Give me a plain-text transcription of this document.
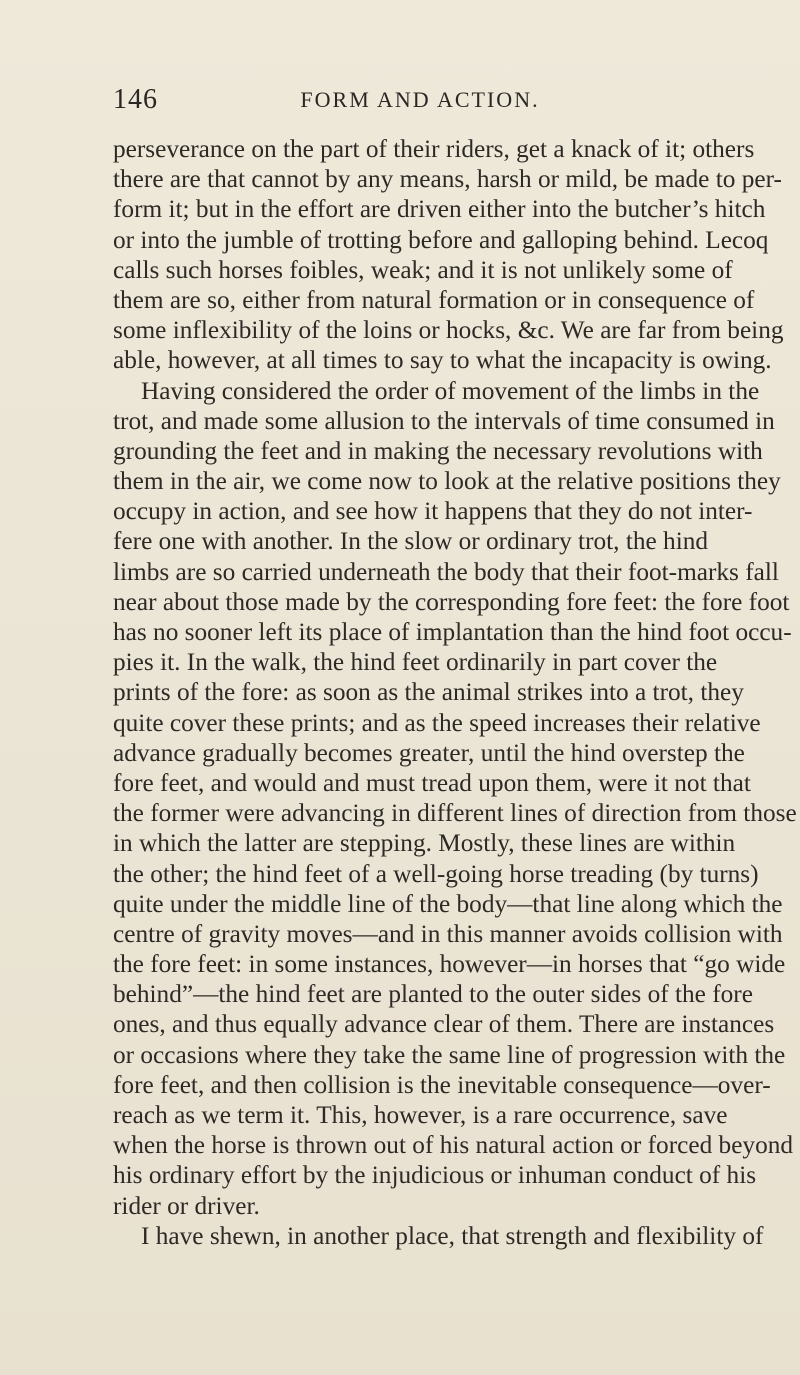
146	FORM AND ACTION.
perseverance on the part of their riders, get a knack of it; others
there are that cannot by any means, harsh or mild, be made to per-
form it; but in the effort are driven either into the butcher’s hitch
or into the jumble of trotting before and galloping behind. Lecoq
calls such horses foibles, weak; and it is not unlikely some of
them are so, either from natural formation or in consequence of
some inflexibility of the loins or hocks, &c. We are far from being
able, however, at all times to say to what the incapacity is owing.
Having considered the order of movement of the limbs in the
trot, and made some allusion to the intervals of time consumed in
grounding the feet and in making the necessary revolutions with
them in the air, we come now to look at the relative positions they
occupy in action, and see how it happens that they do not inter-
fere one with another. In the slow or ordinary trot, the hind
limbs are so carried underneath the body that their foot-marks fall
near about those made by the corresponding fore feet: the fore foot
has no sooner left its place of implantation than the hind foot occu-
pies it. In the walk, the hind feet ordinarily in part cover the
prints of the fore: as soon as the animal strikes into a trot, they
quite cover these prints; and as the speed increases their relative
advance gradually becomes greater, until the hind overstep the
fore feet, and would and must tread upon them, were it not that
the former were advancing in different lines of direction from those
in which the latter are stepping. Mostly, these lines are within
the other; the hind feet of a well-going horse treading (by turns)
quite under the middle line of the body—that line along which the
centre of gravity moves—and in this manner avoids collision with
the fore feet: in some instances, however—in horses that “go wide
behind”—the hind feet are planted to the outer sides of the fore
ones, and thus equally advance clear of them. There are instances
or occasions where they take the same line of progression with the
fore feet, and then collision is the inevitable consequence—over-
reach as we term it. This, however, is a rare occurrence, save
when the horse is thrown out of his natural action or forced beyond
his ordinary effort by the injudicious or inhuman conduct of his
rider or driver.
I have shewn, in another place, that strength and flexibility of
